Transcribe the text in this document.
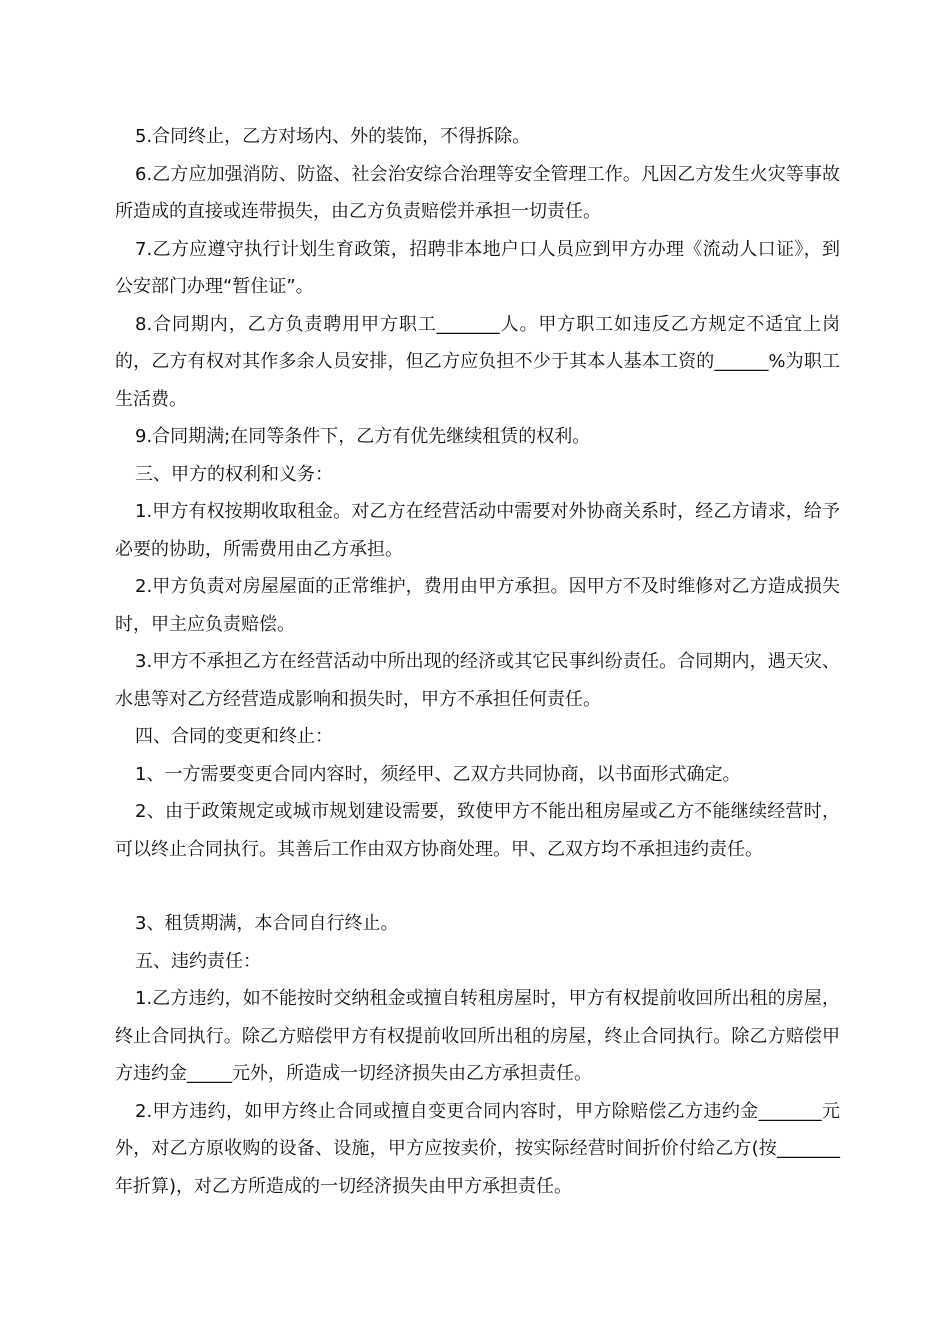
5.合同终止，乙方对场内、外的装饰，不得拆除。

6.乙方应加强消防、防盗、社会治安综合治理等安全管理工作。凡因乙方发生火灾等事故所造成的直接或连带损失，由乙方负责赔偿并承担一切责任。

7.乙方应遵守执行计划生育政策，招聘非本地户口人员应到甲方办理《流动人口证》，到公安部门办理“暂住证”。

8.合同期内，乙方负责聘用甲方职工_______人。甲方职工如违反乙方规定不适宜上岗的，乙方有权对其作多余人员安排，但乙方应负担不少于其本人基本工资的______%为职工生活费。

9.合同期满;在同等条件下，乙方有优先继续租赁的权利。

三、甲方的权利和义务：

1.甲方有权按期收取租金。对乙方在经营活动中需要对外协商关系时，经乙方请求，给予必要的协助，所需费用由乙方承担。

2.甲方负责对房屋屋面的正常维护，费用由甲方承担。因甲方不及时维修对乙方造成损失时，甲主应负责赔偿。

3.甲方不承担乙方在经营活动中所出现的经济或其它民事纠纷责任。合同期内，遇天灾、水患等对乙方经营造成影响和损失时，甲方不承担任何责任。

四、合同的变更和终止：

1、一方需要变更合同内容时，须经甲、乙双方共同协商，以书面形式确定。

2、由于政策规定或城市规划建设需要，致使甲方不能出租房屋或乙方不能继续经营时，可以终止合同执行。其善后工作由双方协商处理。甲、乙双方均不承担违约责任。

3、租赁期满，本合同自行终止。

五、违约责任：

1.乙方违约，如不能按时交纳租金或擅自转租房屋时，甲方有权提前收回所出租的房屋，终止合同执行。除乙方赔偿甲方有权提前收回所出租的房屋，终止合同执行。除乙方赔偿甲方违约金_____元外，所造成一切经济损失由乙方承担责任。

2.甲方违约，如甲方终止合同或擅自变更合同内容时，甲方除赔偿乙方违约金_______元外，对乙方原收购的设备、设施，甲方应按卖价，按实际经营时间折价付给乙方(按_______年折算)，对乙方所造成的一切经济损失由甲方承担责任。
